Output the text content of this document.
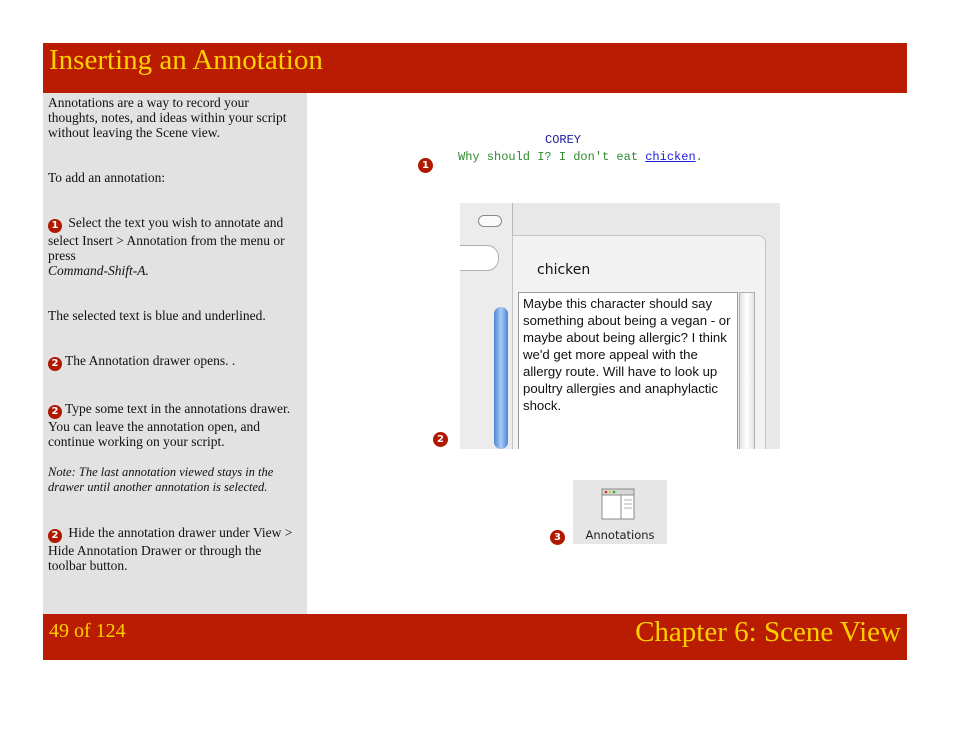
Inserting an Annotation

Annotations are a way to record your thoughts, notes, and ideas within your script without leaving the Scene view.

To add an annotation:

1 Select the text you wish to annotate and select Insert > Annotation from the menu or press
Command-Shift-A.

The selected text is blue and underlined.

2 The Annotation drawer opens. .

2 Type some text in the annotations drawer. You can leave the annotation open, and continue working on your script.

Note: The last annotation viewed stays in the drawer until another annotation is selected.

2 Hide the annotation drawer under View > Hide Annotation Drawer or through the toolbar button.

COREY
1
Why should I? I don't eat chicken.
chicken
Maybe this character should say something about being a vegan - or maybe about being allergic? I think we'd get more appeal with the allergy route. Will have to look up poultry allergies and anaphylactic shock.
2
3	Annotations
49 of 124	Chapter 6: Scene View
